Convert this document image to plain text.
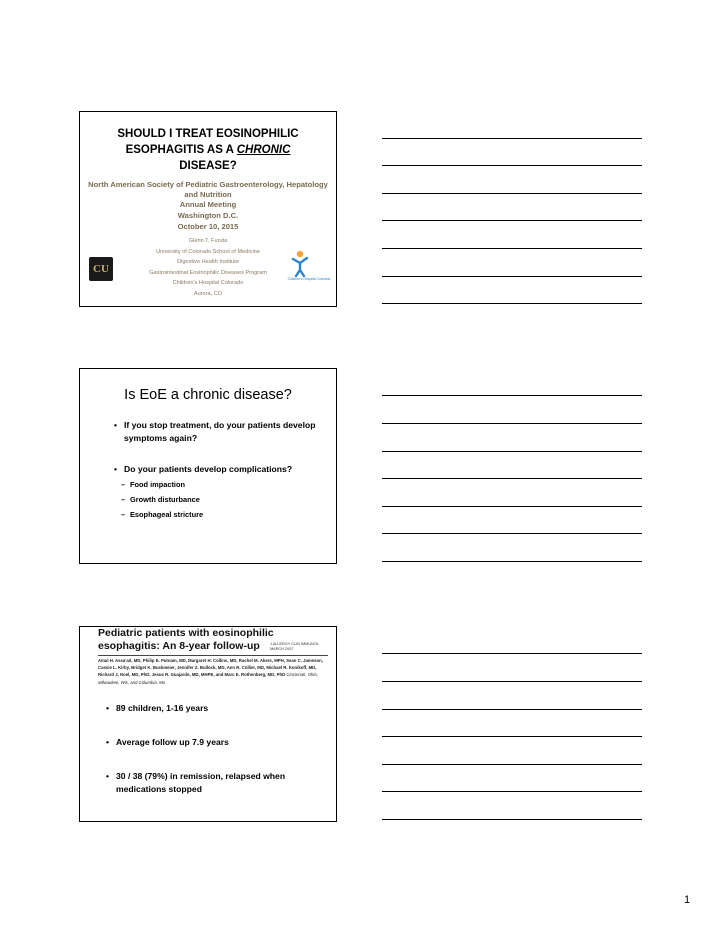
SHOULD I TREAT EOSINOPHILIC
ESOPHAGITIS AS A CHRONIC
DISEASE?
North American Society of Pediatric Gastroenterology, Hepatology and Nutrition
Annual Meeting
Washington D.C.
October 10, 2015
Glenn T. Furuta
University of Colorado School of Medicine
Digestive Health Institute
Gastrointestinal Eosinophilic Diseases Program
Children's Hospital Colorado
Aurora, CO
CU
Children's Hospital Colorado
Is EoE a chronic disease?
• If you stop treatment, do your patients develop symptoms again?
• Do your patients develop complications?
– Food impaction
– Growth disturbance
– Esophageal stricture
Pediatric patients with eosinophilic
esophagitis: An 8-year follow-up	J ALLERGY CLIN IMMUNOL
MARCH 2007
Amal H. Assa'ad, MD, Philip E. Putnam, MD, Margaret H. Collins, MD, Rachel M. Akers, MPH, Sean C. Jameson, Cassie L. Kirby, Bridget K. Buckmeier, Jennifer Z. Bullock, MD, Ann R. Collier, MD, Michael R. Konikoff, MD, Richard J. Noel, MD, PhD, Jesus R. Guajardo, MD, MHPE, and Marc E. Rothenberg, MD, PhD Cincinnati, Ohio, Milwaukee, Wis, and Columbia, Mo
• 89 children, 1-16 years
• Average follow up 7.9 years
• 30 / 38 (79%) in remission, relapsed when medications stopped
1
